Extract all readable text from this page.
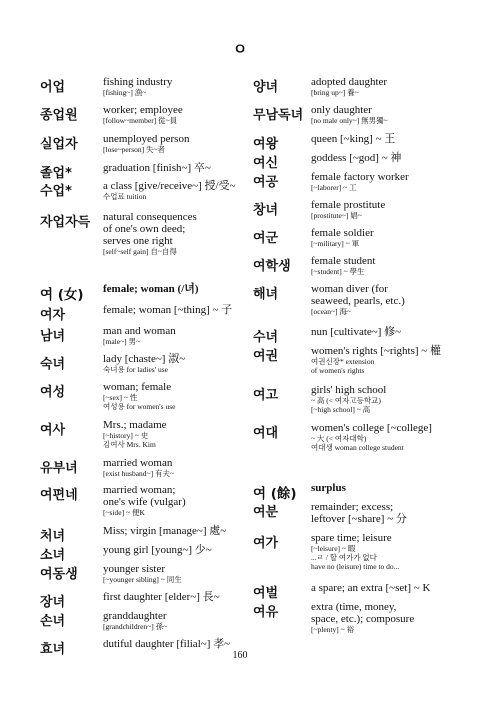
ㅇ
어업	fishing industry
[fishing~] 漁~
종업원 worker; employee
[follow~member] 從~員
실업자 unemployed person
[lose~person] 失~者
졸업*	graduation [finish~] 卒~
수업*	a class [give/receive~] 授/受~
수업료 tuition
자업자득 natural consequences
of one's own deed;
serves one right
[self~self gain] 自~自得
여 (女) female; woman (/녀)
여자	female; woman [~thing] ~ 子
남녀	man and woman
[male~] 男~
숙녀	lady [chaste~] 淑~
숙녀용 for ladies' use
여성	woman; female
[~sex] ~ 性
여성용 for women's use
여사	Mrs.; madame
[~history] ~ 史
김여사 Mrs. Kim
유부녀 married woman
[exist husband~] 有夫~
여편네 married woman;
one's wife (vulgar)
[~side] ~ 便K
처녀	Miss; virgin [manage~] 處~
소녀	young girl [young~] 少~
여동생 younger sister
[~younger sibling] ~ 同生
장녀	first daughter [elder~] 長~
손녀	granddaughter
[grandchildren~] 孫~
효녀	dutiful daughter [filial~] 孝~
양녀	adopted daughter
[bring up~] 養~
무남독녀 only daughter
[no male only~] 無男獨~
여왕	queen [~king] ~ 王
여신	goddess [~god] ~ 神
여공	female factory worker
[~laborer] ~ 工
창녀	female prostitute
[prostitute~] 娼~
여군	female soldier
[~military] ~ 軍
여학생 female student
[~student] ~ 學生
해녀	woman diver (for
seaweed, pearls, etc.)
[ocean~] 海~
수녀	nun [cultivate~] 修~
여권	women's rights [~rights] ~ 權
여권신장* extension
of women's rights
여고	girls' high school
~ 高 (< 여자고등학교)
[~high school] ~ 高
여대	women's college [~college]
~ 大 (< 여자대학)
여대생 woman college student
여 (餘) surplus
여분	remainder; excess;
leftover [~share] ~ 分
여가	spare time; leisure
[~leisure] ~ 暇
...ㄹ / 할 여가가 없다
have no (leisure) time to do...
여벌	a spare; an extra [~set] ~ K
여유	extra (time, money,
space, etc.); composure
[~plenty] ~ 裕
160
